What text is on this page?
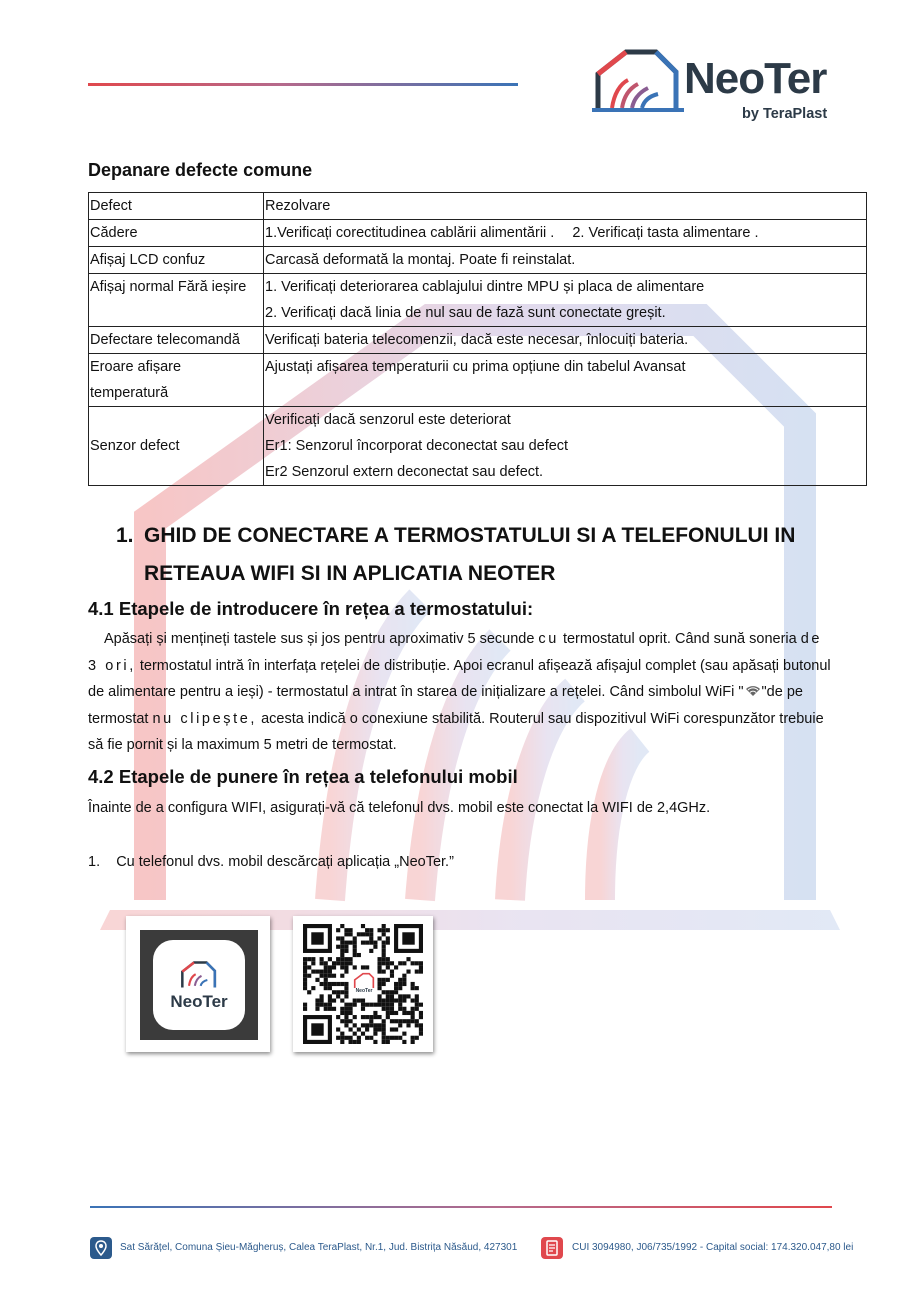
NeoTer
by TeraPlast
Depanare defecte comune
Defect	Rezolvare
Cădere	1.Verificați corectitudinea cablării alimentării . 2. Verificați tasta alimentare .
Afișaj LCD confuz	Carcasă deformată la montaj. Poate fi reinstalat.
Afișaj normal Fără ieșire	1. Verificați deteriorarea cablajului dintre MPU și placa de alimentare
2. Verificați dacă linia de nul sau de fază sunt conectate greșit.

Defectare telecomandă	Verificați bateria telecomenzii, dacă este necesar, înlocuiți bateria.

Eroare afișare
temperatură	Ajustați afișarea temperaturii cu prima opțiune din tabelul Avansat
Senzor defect	Verificați dacă senzorul este deteriorat
Er1: Senzorul încorporat deconectat sau defect
Er2 Senzorul extern deconectat sau defect.
1. GHID DE CONECTARE A TERMOSTATULUI SI A TELEFONULUI IN
RETEAUA WIFI SI IN APLICATIA NEOTER
4.1 Etapele de introducere în rețea a termostatului:

Apăsați și mențineți tastele sus și jos pentru aproximativ 5 secunde cu termostatul oprit. Când sună soneria de 3 ori, termostatul intră în interfața rețelei de distribuție. Apoi ecranul afișează afișajul complet (sau apăsați butonul de alimentare pentru a ieși) - termostatul a intrat în starea de inițializare a rețelei. Când simbolul WiFi " "de pe termostat nu clipește, acesta indică o conexiune stabilită. Routerul sau dispozitivul WiFi corespunzător trebuie să fie pornit și la maximum 5 metri de termostat.

4.2 Etapele de punere în rețea a telefonului mobil

Înainte de a configura WIFI, asigurați-vă că telefonul dvs. mobil este conectat la WIFI de 2,4GHz.

1.    Cu telefonul dvs. mobil descărcați aplicația „NeoTer.”

NeoTer
NeoTer
Sat Sărățel, Comuna Șieu-Măgheruș, Calea TeraPlast, Nr.1, Jud. Bistrița Năsăud, 427301	CUI 3094980, J06/735/1992 - Capital social: 174.320.047,80 lei
